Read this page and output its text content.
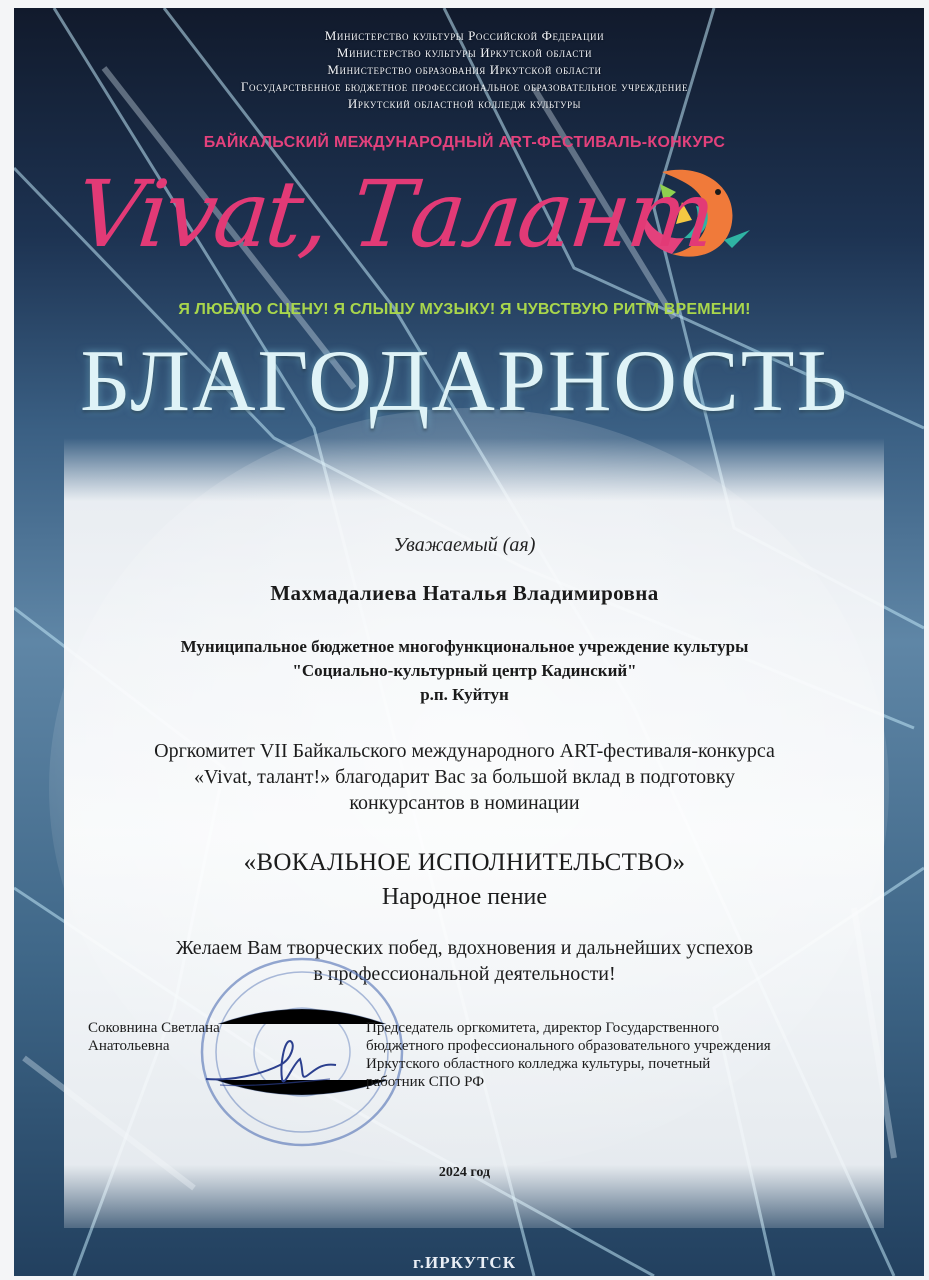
Министерство культуры Российской Федерации
Министерство культуры Иркутской области
Министерство образования Иркутской области
Государственное бюджетное профессиональное образовательное учреждение
Иркутский областной колледж культуры
БАЙКАЛЬСКИЙ МЕЖДУНАРОДНЫЙ ART-ФЕСТИВАЛЬ-КОНКУРС
Vivat, Талант
Я ЛЮБЛЮ СЦЕНУ! Я СЛЫШУ МУЗЫКУ! Я ЧУВСТВУЮ РИТМ ВРЕМЕНИ!
БЛАГОДАРНОСТЬ
Уважаемый (ая)
Махмадалиева Наталья Владимировна
Муниципальное бюджетное многофункциональное учреждение культуры
"Социально-культурный центр Кадинский"
р.п. Куйтун
Оргкомитет VII Байкальского международного ART-фестиваля-конкурса
«Vivat, талант!» благодарит Вас за большой вклад в подготовку
конкурсантов в номинации
«ВОКАЛЬНОЕ ИСПОЛНИТЕЛЬСТВО»
Народное пение
Желаем Вам творческих побед, вдохновения и дальнейших успехов
в профессиональной деятельности!
Соковнина Светлана
Анатольевна
Председатель оргкомитета, директор Государственного
бюджетного профессионального образовательного учреждения
Иркутского областного колледжа культуры, почетный
работник СПО РФ
2024 год
г.ИРКУТСК
